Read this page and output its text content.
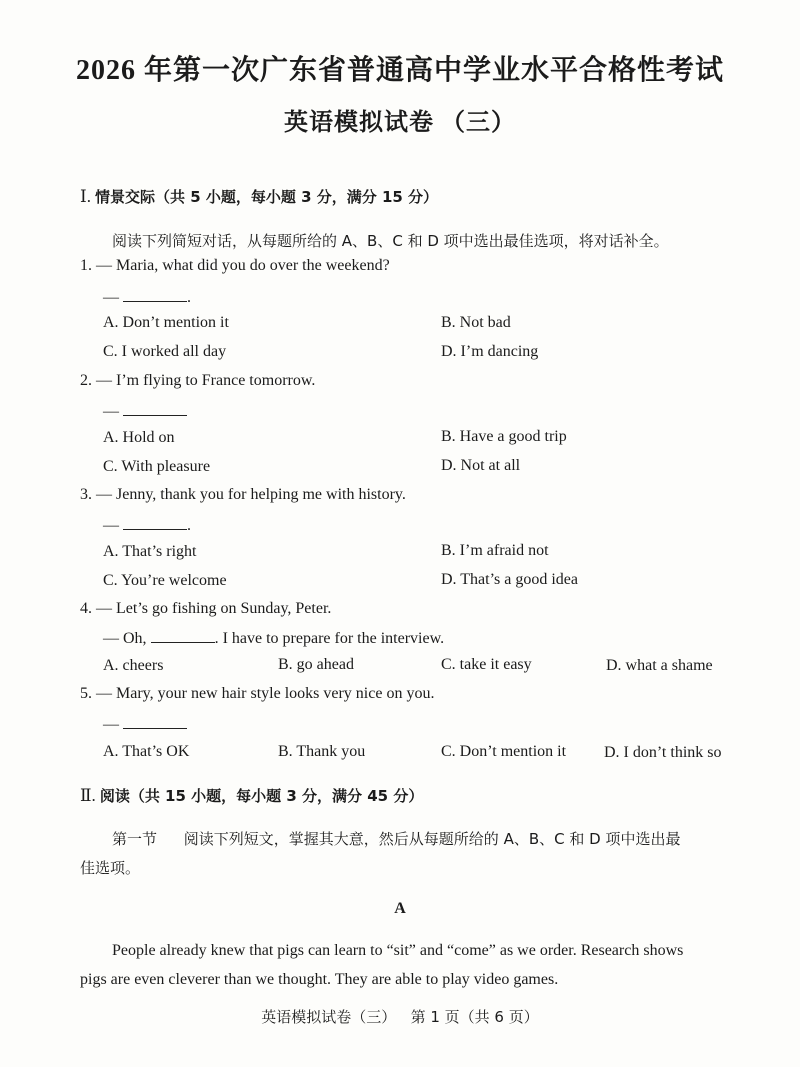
2026 年第一次广东省普通高中学业水平合格性考试
英语模拟试卷 （三）
Ⅰ. 情景交际（共 5 小题，每小题 3 分，满分 15 分）
阅读下列简短对话，从每题所给的 A、B、C 和 D 项中选出最佳选项，将对话补全。
1. — Maria, what did you do over the weekend?
—	.
A. Don’t mention it	B. Not bad
C. I worked all day	D. I’m dancing
2. — I’m flying to France tomorrow.
—
A. Hold on	B. Have a good trip
C. With pleasure	D. Not at all
3. — Jenny, thank you for helping me with history.
—	.
A. That’s right	B. I’m afraid not
C. You’re welcome	D. That’s a good idea
4. — Let’s go fishing on Sunday, Peter.
— Oh,	. I have to prepare for the interview.
A. cheers	B. go ahead	C. take it easy	D. what a shame
5. — Mary, your new hair style looks very nice on you.
—
A. That’s OK	B. Thank you	C. Don’t mention it D. I don’t think so
Ⅱ. 阅读（共 15 小题，每小题 3 分，满分 45 分）
第一节 阅读下列短文，掌握其大意，然后从每题所给的 A、B、C 和 D 项中选出最
佳选项。
A
People already knew that pigs can learn to “sit” and “come” as we order. Research shows
pigs are even cleverer than we thought. They are able to play video games.
英语模拟试卷（三）   第 1 页（共 6 页）
